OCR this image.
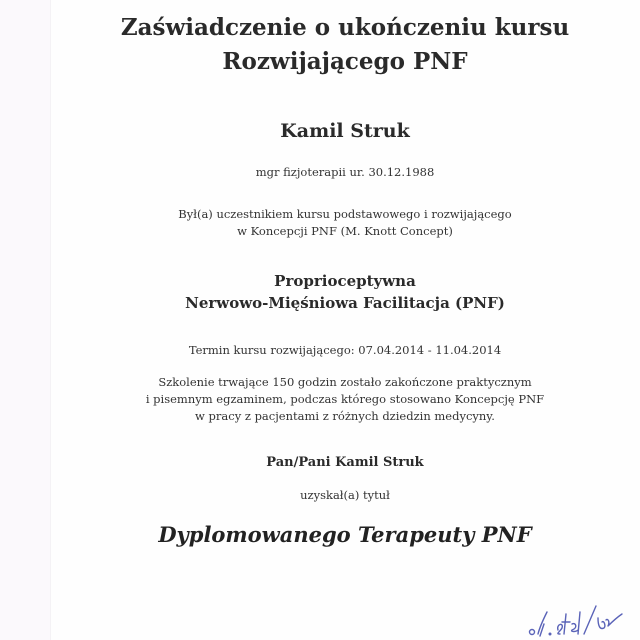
Zaświadczenie o ukończeniu kursu
Rozwijającego PNF
Kamil Struk
mgr fizjoterapii ur. 30.12.1988
Był(a) uczestnikiem kursu podstawowego i rozwijającego
w Koncepcji PNF (M. Knott Concept)
Proprioceptywna
Nerwowo-Mięśniowa Facilitacja (PNF)
Termin kursu rozwijającego: 07.04.2014 - 11.04.2014
Szkolenie trwające 150 godzin zostało zakończone praktycznym
i pisemnym egzaminem, podczas którego stosowano Koncepcję PNF
w pracy z pacjentami z różnych dziedzin medycyny.
Pan/Pani Kamil Struk
uzyskał(a) tytuł
Dyplomowanego Terapeuty PNF
